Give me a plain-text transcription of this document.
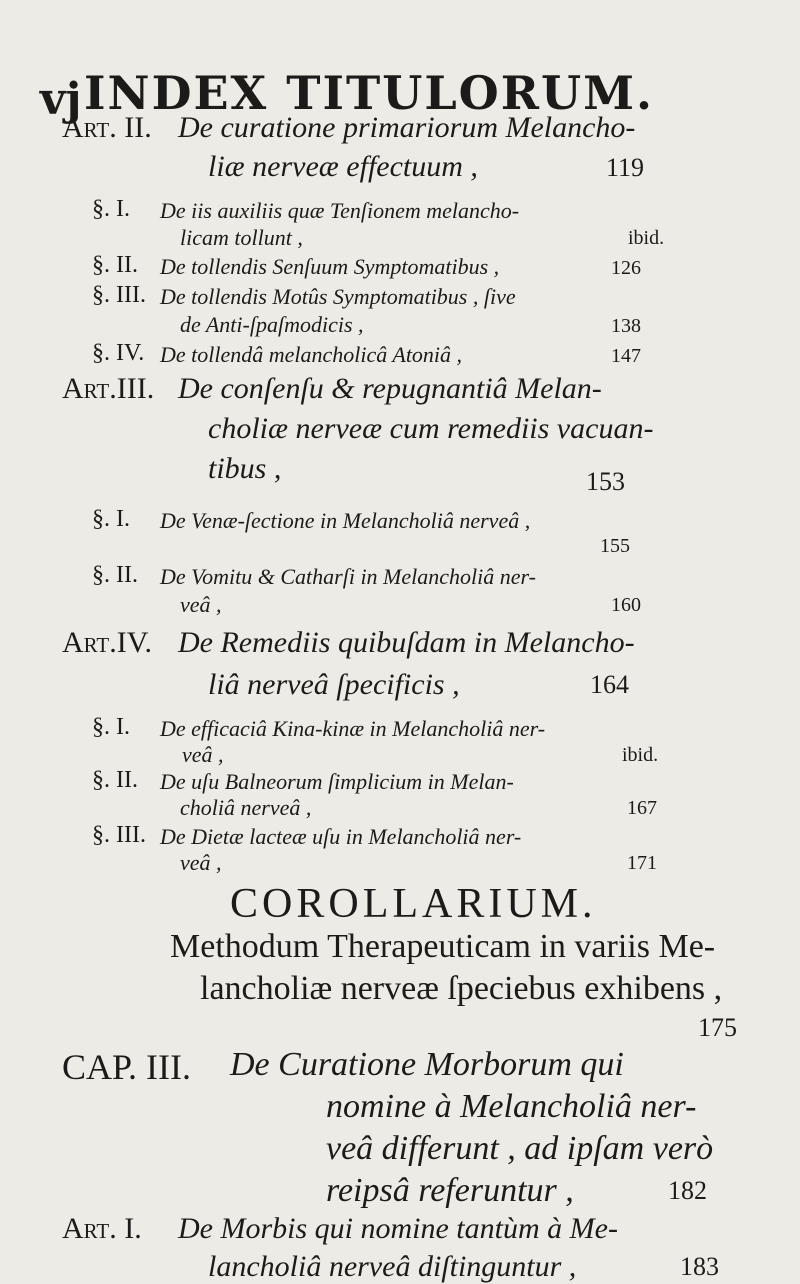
vj INDEX TITULORUM.
Art. II. De curatione primariorum Melancho-
liæ nerveæ effectuum ,	119
§. I. De iis auxiliis quæ Tenſionem melancho-
licam tollunt ,	ibid.
§. II. De tollendis Senſuum Symptomatibus ,	126
§. III. De tollendis Motûs Symptomatibus , ſive
de Anti-ſpaſmodicis ,	138
§. IV. De tollendâ melancholicâ Atoniâ ,	147
Art.III. De conſenſu & repugnantiâ Melan-
choliæ nerveæ cum remediis vacuan-
tibus ,	153
§. I. De Venæ-ſectione in Melancholiâ nerveâ ,
155
§. II. De Vomitu & Catharſi in Melancholiâ ner-
veâ ,	160
Art.IV. De Remediis quibuſdam in Melancho-
liâ nerveâ ſpecificis ,	164
§. I. De efficaciâ Kina-kinæ in Melancholiâ ner-
veâ ,	ibid.
§. II. De uſu Balneorum ſimplicium in Melan-
choliâ nerveâ ,	167
§. III. De Dietæ lacteæ uſu in Melancholiâ ner-
veâ ,	171
COROLLARIUM.
Methodum Therapeuticam in variis Me-
lancholiæ nerveæ ſpeciebus exhibens ,
175
CAP. III. De Curatione Morborum qui
nomine à Melancholiâ ner-
veâ differunt , ad ipſam verò
reipsâ referuntur ,	182
Art. I. De Morbis qui nomine tantùm à Me-
lancholiâ nerveâ diſtinguntur ,	183
